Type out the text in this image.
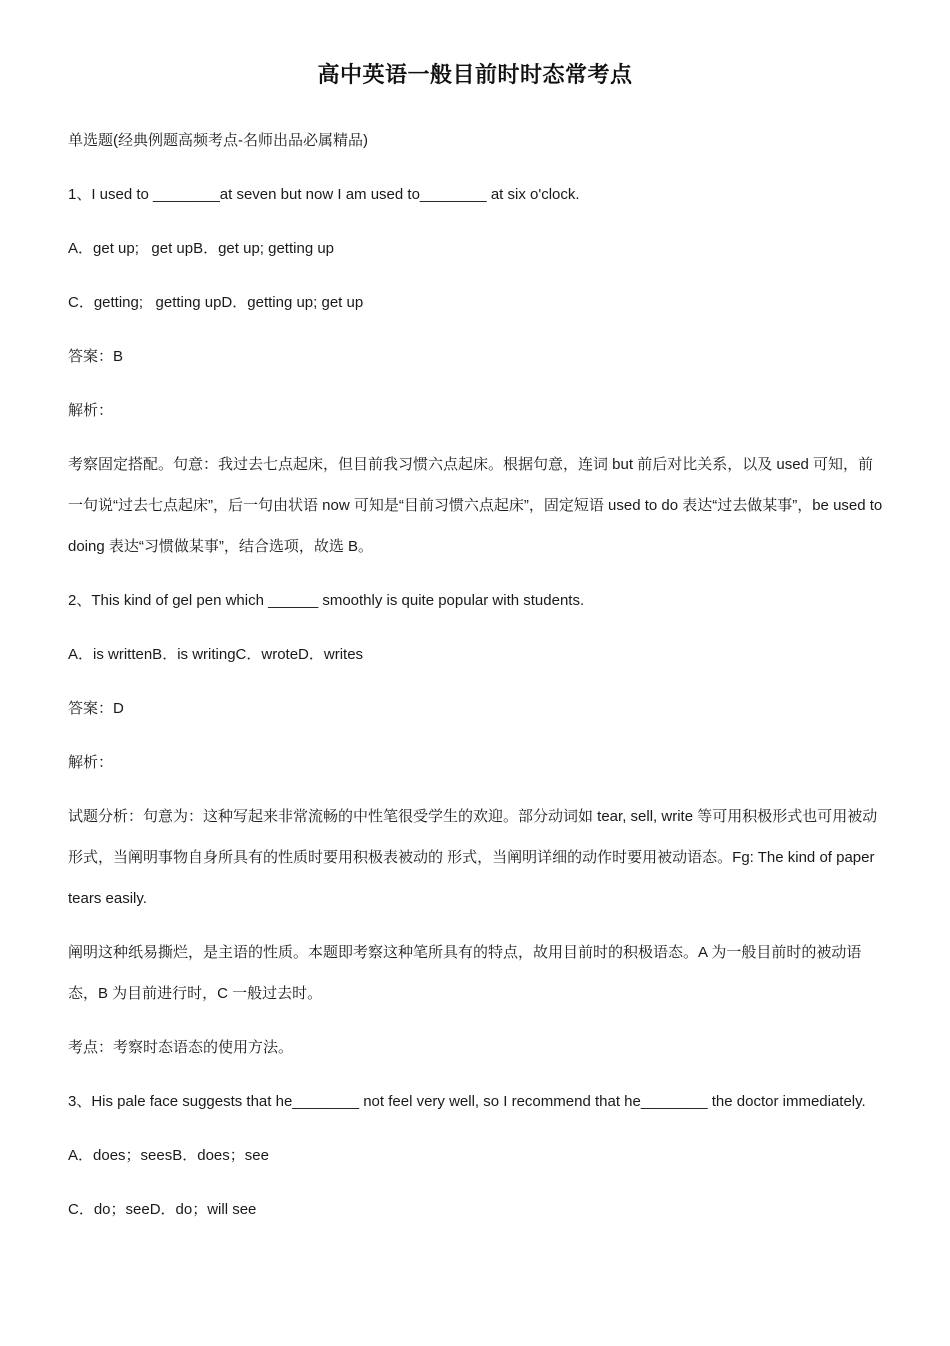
高中英语一般目前时时态常考点

单选题(经典例题高频考点-名师出品必属精品)

1、I used to ________at seven but now I am used to________ at six o'clock.

A．get up;   get upB．get up; getting up

C．getting;   getting upD．getting up; get up

答案：B

解析：

考察固定搭配。句意：我过去七点起床，但目前我习惯六点起床。根据句意，连词 but 前后对比关系，以及 used 可知，前一句说“过去七点起床”，后一句由状语 now 可知是“目前习惯六点起床”，固定短语 used to do 表达“过去做某事”，be used to doing 表达“习惯做某事”，结合选项，故选 B。

2、This kind of gel pen which ______ smoothly is quite popular with students.

A．is writtenB．is writingC．wroteD．writes

答案：D

解析：

试题分析：句意为：这种写起来非常流畅的中性笔很受学生的欢迎。部分动词如 tear, sell, write 等可用积极形式也可用被动形式，当阐明事物自身所具有的性质时要用积极表被动的 形式，当阐明详细的动作时要用被动语态。Fg: The kind of paper tears easily.

阐明这种纸易撕烂，是主语的性质。本题即考察这种笔所具有的特点，故用目前时的积极语态。A 为一般目前时的被动语态，B 为目前进行时，C 一般过去时。

考点：考察时态语态的使用方法。

3、His pale face suggests that he________ not feel very well, so I recommend that he________ the doctor immediately.

A．does；seesB．does；see

C．do；seeD．do；will see
